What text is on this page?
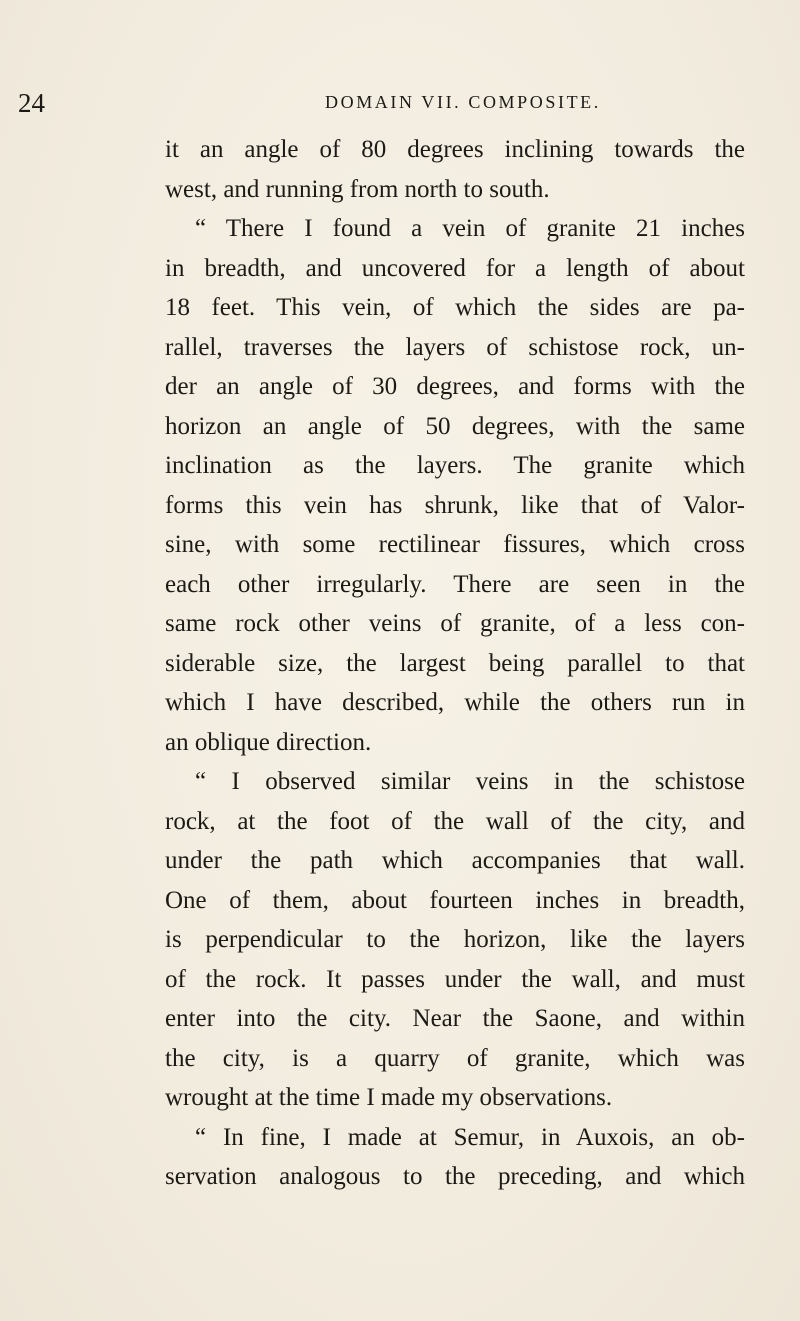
24	DOMAIN VII. COMPOSITE.
it an angle of 80 degrees inclining towards the
west, and running from north to south.
“ There I found a vein of granite 21 inches
in breadth, and uncovered for a length of about
18 feet. This vein, of which the sides are pa-
rallel, traverses the layers of schistose rock, un-
der an angle of 30 degrees, and forms with the
horizon an angle of 50 degrees, with the same
inclination as the layers. The granite which
forms this vein has shrunk, like that of Valor-
sine, with some rectilinear fissures, which cross
each other irregularly. There are seen in the
same rock other veins of granite, of a less con-
siderable size, the largest being parallel to that
which I have described, while the others run in
an oblique direction.
“ I observed similar veins in the schistose
rock, at the foot of the wall of the city, and
under the path which accompanies that wall.
One of them, about fourteen inches in breadth,
is perpendicular to the horizon, like the layers
of the rock. It passes under the wall, and must
enter into the city. Near the Saone, and within
the city, is a quarry of granite, which was
wrought at the time I made my observations.
“ In fine, I made at Semur, in Auxois, an ob-
servation analogous to the preceding, and which
